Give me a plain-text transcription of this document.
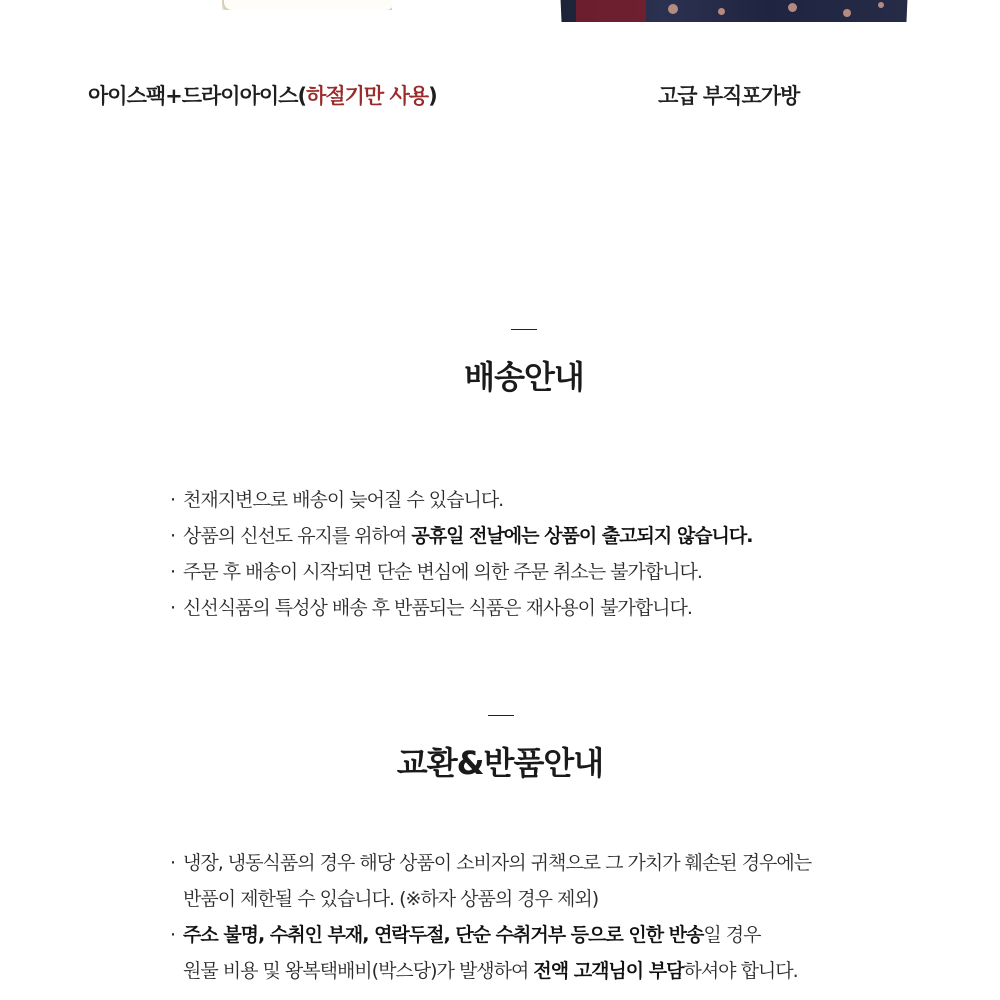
아이스팩+드라이아이스(하절기만 사용)	고급 부직포가방
배송안내
· 천재지변으로 배송이 늦어질 수 있습니다.
· 상품의 신선도 유지를 위하여 공휴일 전날에는 상품이 출고되지 않습니다.
· 주문 후 배송이 시작되면 단순 변심에 의한 주문 취소는 불가합니다.
· 신선식품의 특성상 배송 후 반품되는 식품은 재사용이 불가합니다.
교환&반품안내
· 냉장, 냉동식품의 경우 해당 상품이 소비자의 귀책으로 그 가치가 훼손된 경우에는
반품이 제한될 수 있습니다. (※하자 상품의 경우 제외)
· 주소 불명, 수취인 부재, 연락두절, 단순 수취거부 등으로 인한 반송일 경우
원물 비용 및 왕복택배비(박스당)가 발생하여 전액 고객님이 부담하셔야 합니다.
